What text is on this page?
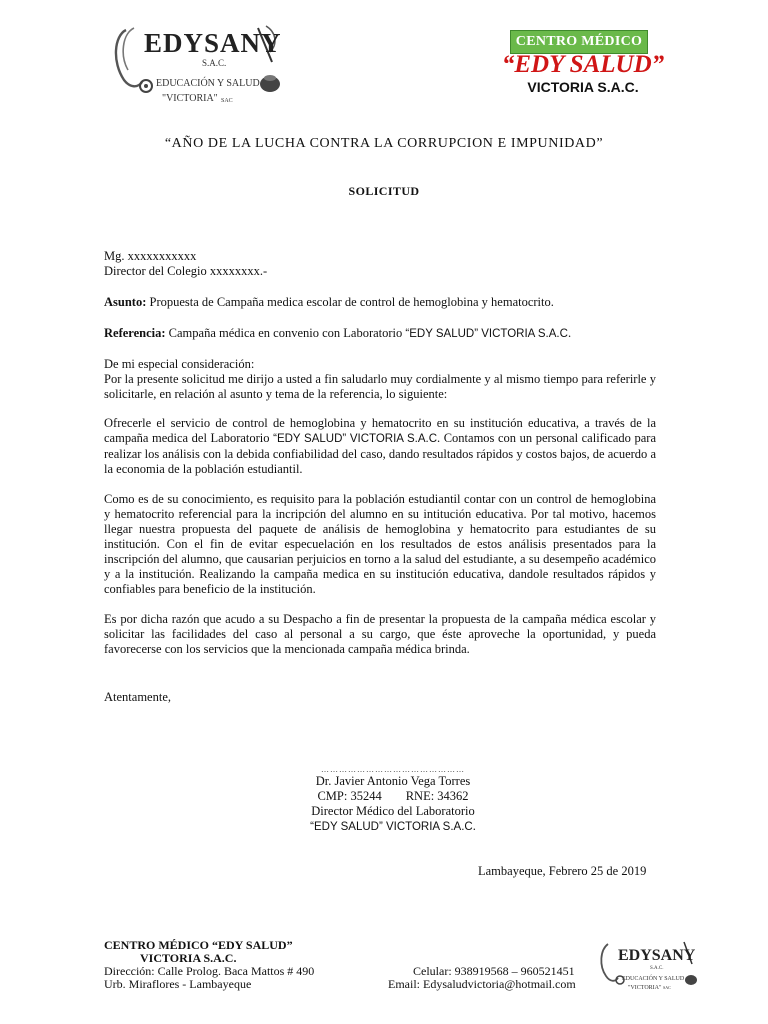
EDYSANY
S.A.C.
EDUCACIÓN Y SALUD
"VICTORIA" SAC
CENTRO MÉDICO
“EDY SALUD”
VICTORIA S.A.C.
“AÑO DE LA LUCHA CONTRA LA CORRUPCION E IMPUNIDAD”
SOLICITUD

Mg. xxxxxxxxxxx

Director del Colegio xxxxxxxx.-

Asunto: Propuesta de Campaña medica escolar de control de hemoglobina y hematocrito.

Referencia: Campaña médica en convenio con Laboratorio “EDY SALUD” VICTORIA S.A.C.

De mi especial consideración:

Por la presente solicitud me dirijo a usted a fin saludarlo muy cordialmente y al mismo tiempo para referirle y solicitarle, en relación al asunto y tema de la referencia, lo siguiente:

Ofrecerle el servicio de control de hemoglobina y hematocrito en su institución educativa, a través de la campaña medica del Laboratorio “EDY SALUD” VICTORIA S.A.C. Contamos con un personal calificado para realizar los análisis con la debida confiabilidad del caso, dando resultados rápidos y costos bajos, de acuerdo a la economia de la población estudiantil.

Como es de su conocimiento, es requisito para la población estudiantil contar con un control de hemoglobina y hematocrito referencial para la incripción del alumno en su intitución educativa. Por tal motivo, hacemos llegar nuestra propuesta del paquete de análisis de hemoglobina y hematocrito para estudiantes de su institución. Con el fin de evitar especuelación en los resultados de estos análisis presentados para la inscripción del alumno, que causarian perjuicios en torno a la salud del estudiante, a su desempeño académico y a la institución. Realizando la campaña medica en su institución educativa, dandole resultados rápidos y confiables para beneficio de la institución.

Es por dicha razón que acudo a su Despacho a fin de presentar la propuesta de la campaña médica escolar y solicitar las facilidades del caso al personal a su cargo, que éste aproveche la oportunidad, y pueda favorecerse con los servicios que la mencionada campaña médica brinda.

Atentamente,

…………………………………………
Dr. Javier Antonio Vega Torres
CMP: 35244 RNE: 34362
Director Médico del Laboratorio
“EDY SALUD” VICTORIA S.A.C.
Lambayeque, Febrero 25 de 2019
CENTRO MÉDICO “EDY SALUD”
VICTORIA S.A.C.
Dirección: Calle Prolog. Baca Mattos # 490	Celular: 938919568 – 960521451
Urb. Miraflores - Lambayeque	Email: Edysaludvictoria@hotmail.com
EDYSANY
S.A.C.
EDUCACIÓN Y SALUD
"VICTORIA" SAC
